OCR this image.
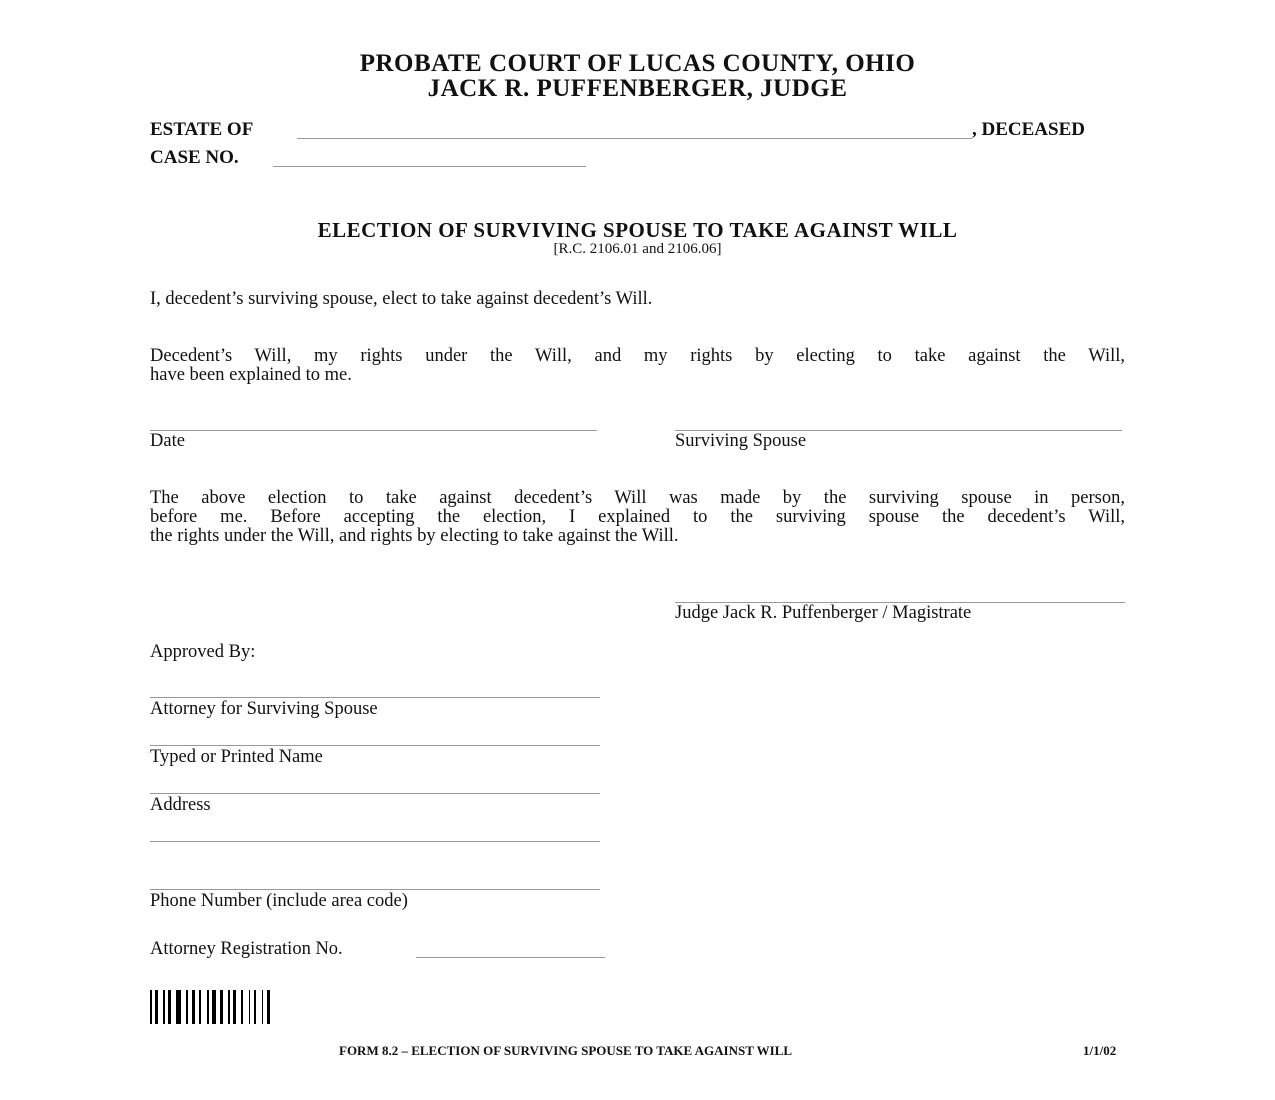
PROBATE COURT OF LUCAS COUNTY, OHIO
JACK R. PUFFENBERGER, JUDGE
ESTATE OF	, DECEASED
CASE NO.
ELECTION OF SURVIVING SPOUSE TO TAKE AGAINST WILL
[R.C. 2106.01 and 2106.06]
I, decedent’s surviving spouse, elect to take against decedent’s Will.
Decedent’s Will, my rights under the Will, and my rights by electing to take against the Will,
have been explained to me.
Date	Surviving Spouse
The above election to take against decedent’s Will was made by the surviving spouse in person,
before me. Before accepting the election, I explained to the surviving spouse the decedent’s Will,
the rights under the Will, and rights by electing to take against the Will.
Judge Jack R. Puffenberger / Magistrate
Approved By:
Attorney for Surviving Spouse
Typed or Printed Name
Address
Phone Number (include area code)
Attorney Registration No.
FORM 8.2 – ELECTION OF SURVIVING SPOUSE TO TAKE AGAINST WILL	1/1/02
